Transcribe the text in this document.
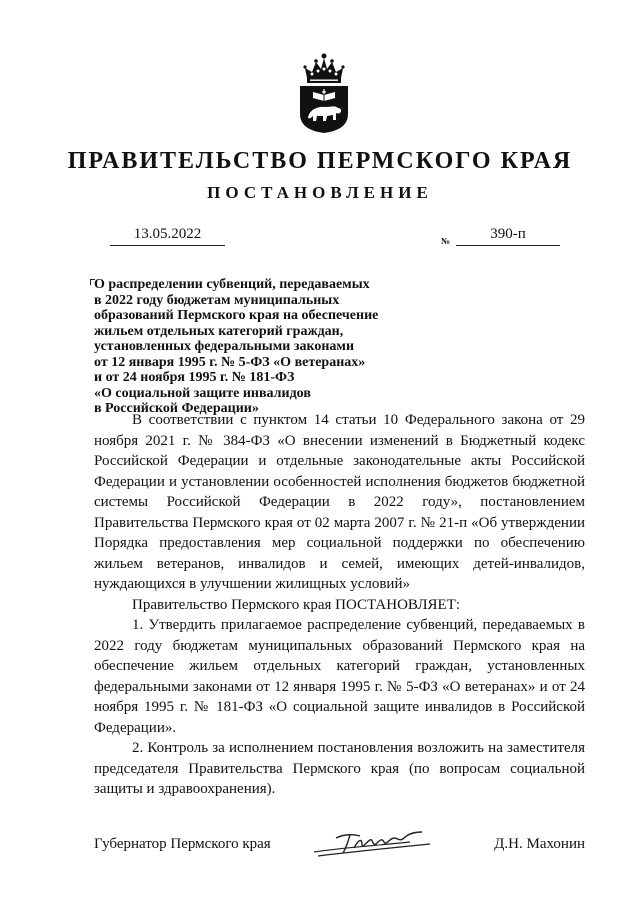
ПРАВИТЕЛЬСТВО ПЕРМСКОГО КРАЯ
ПОСТАНОВЛЕНИЕ
13.05.2022	№	390-п
О распределении субвенций, передаваемых
в 2022 году бюджетам муниципальных
образований Пермского края на обеспечение
жильем отдельных категорий граждан,
установленных федеральными законами
от 12 января 1995 г. № 5-ФЗ «О ветеранах»
и от 24 ноября 1995 г. № 181-ФЗ
«О социальной защите инвалидов
в Российской Федерации»

В соответствии с пунктом 14 статьи 10 Федерального закона от 29 ноября 2021 г. № 384-ФЗ «О внесении изменений в Бюджетный кодекс Российской Федерации и отдельные законодательные акты Российской Федерации и установлении особенностей исполнения бюджетов бюджетной системы Российской Федерации в 2022 году», постановлением Правительства Пермского края от 02 марта 2007 г. № 21-п «Об утверждении Порядка предоставления мер социальной поддержки по обеспечению жильем ветеранов, инвалидов и семей, имеющих детей-инвалидов, нуждающихся в улучшении жилищных условий»

Правительство Пермского края ПОСТАНОВЛЯЕТ:

1. Утвердить прилагаемое распределение субвенций, передаваемых в 2022 году бюджетам муниципальных образований Пермского края на обеспечение жильем отдельных категорий граждан, установленных федеральными законами от 12 января 1995 г. № 5-ФЗ «О ветеранах» и от 24 ноября 1995 г. № 181-ФЗ «О социальной защите инвалидов в Российской Федерации».

2. Контроль за исполнением постановления возложить на заместителя председателя Правительства Пермского края (по вопросам социальной защиты и здравоохранения).

Губернатор Пермского края	Д.Н. Махонин
